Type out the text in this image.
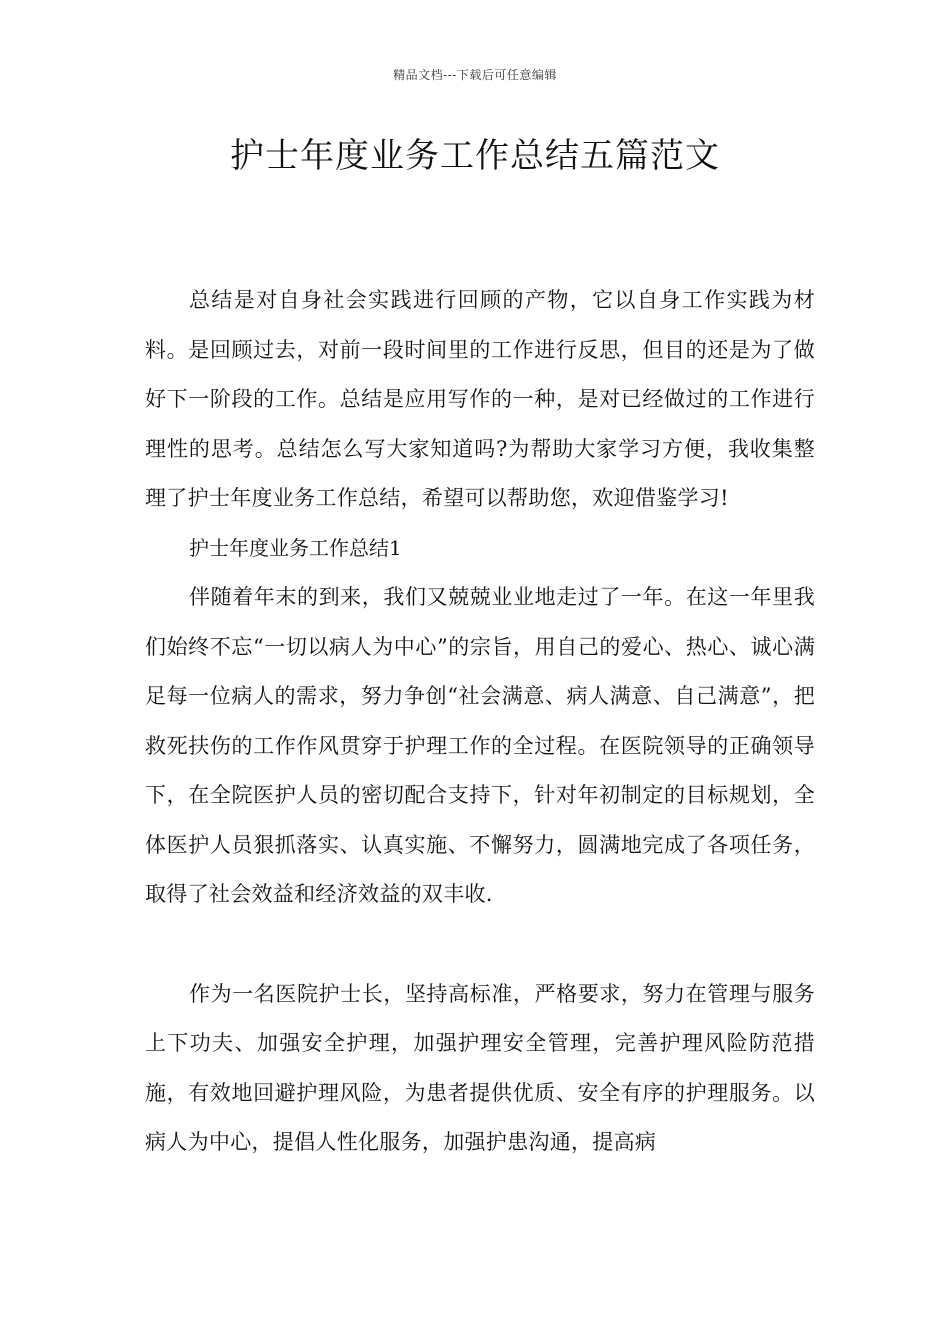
精品文档---下载后可任意编辑
护士年度业务工作总结五篇范文

总结是对自身社会实践进行回顾的产物，它以自身工作实践为材料。是回顾过去，对前一段时间里的工作进行反思，但目的还是为了做好下一阶段的工作。总结是应用写作的一种，是对已经做过的工作进行理性的思考。总结怎么写大家知道吗?为帮助大家学习方便，我收集整理了护士年度业务工作总结，希望可以帮助您，欢迎借鉴学习!

护士年度业务工作总结1

伴随着年末的到来，我们又兢兢业业地走过了一年。在这一年里我们始终不忘“一切以病人为中心”的宗旨，用自己的爱心、热心、诚心满足每一位病人的需求，努力争创“社会满意、病人满意、自己满意”，把救死扶伤的工作作风贯穿于护理工作的全过程。在医院领导的正确领导下，在全院医护人员的密切配合支持下，针对年初制定的目标规划，全体医护人员狠抓落实、认真实施、不懈努力，圆满地完成了各项任务，取得了社会效益和经济效益的双丰收.

作为一名医院护士长，坚持高标准，严格要求，努力在管理与服务上下功夫、加强安全护理，加强护理安全管理，完善护理风险防范措施，有效地回避护理风险，为患者提供优质、安全有序的护理服务。以病人为中心，提倡人性化服务，加强护患沟通，提高病
